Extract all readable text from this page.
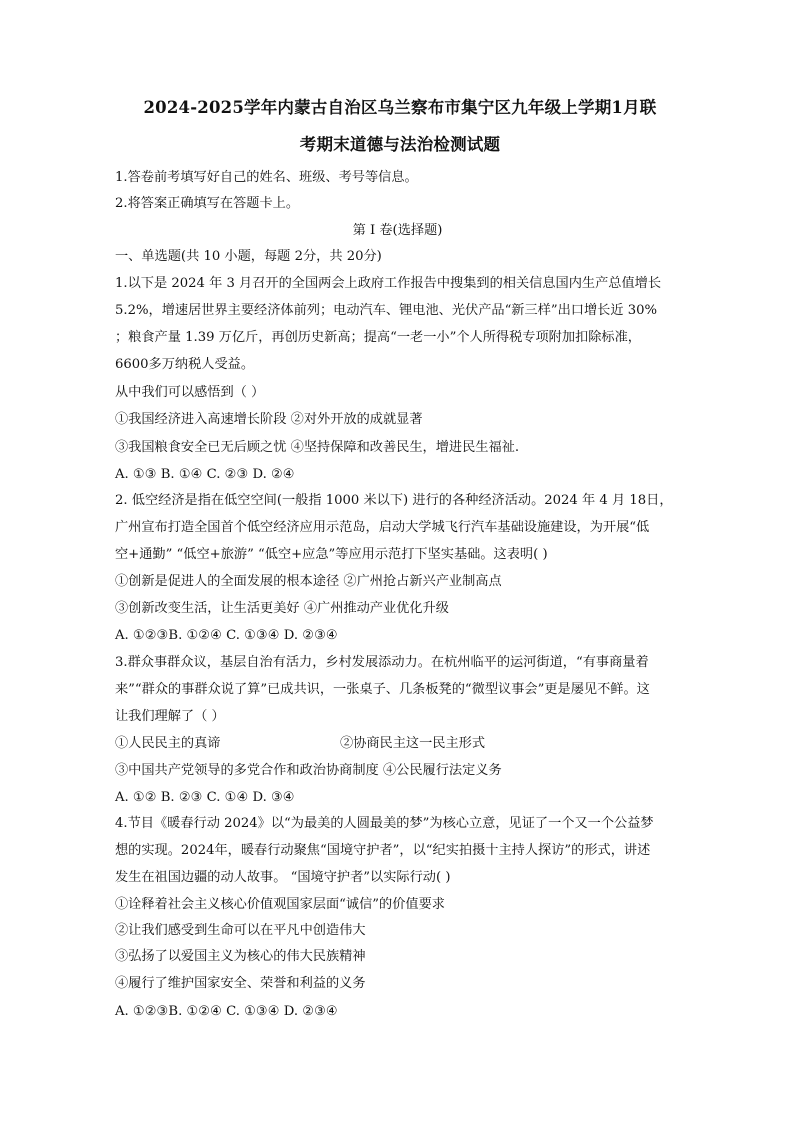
2024-2025学年内蒙古自治区乌兰察布市集宁区九年级上学期1月联
考期末道德与法治检测试题
1.答卷前考填写好自己的姓名、班级、考号等信息。
2.将答案正确填写在答题卡上。
第 I 卷(选择题)
一、单选题(共 10 小题，每题 2分，共 20分)
1.以下是 2024 年 3 月召开的全国两会上政府工作报告中搜集到的相关信息国内生产总值增长
5.2%，增速居世界主要经济体前列；电动汽车、锂电池、光伏产品“新三样”出口增长近 30%
；粮食产量 1.39 万亿斤，再创历史新高；提高“一老一小”个人所得税专项附加扣除标准，
6600多万纳税人受益。
从中我们可以感悟到（ ）
①我国经济进入高速增长阶段 ②对外开放的成就显著
③我国粮食安全已无后顾之忧 ④坚持保障和改善民生，增进民生福祉.
A. ①③ B. ①④ C. ②③ D. ②④
2. 低空经济是指在低空空间(一般指 1000 米以下) 进行的各种经济活动。2024 年 4 月 18日，
广州宣布打造全国首个低空经济应用示范岛，启动大学城飞行汽车基础设施建设，为开展“低
空+通勤” “低空+旅游” “低空+应急”等应用示范打下坚实基础。这表明( )
①创新是促进人的全面发展的根本途径 ②广州抢占新兴产业制高点
③创新改变生活，让生活更美好 ④广州推动产业优化升级
A. ①②③B. ①②④ C. ①③④ D. ②③④
3.群众事群众议，基层自治有活力，乡村发展添动力。在杭州临平的运河街道，“有事商量着
来”“群众的事群众说了算”已成共识，一张桌子、几条板凳的“微型议事会”更是屡见不鲜。这
让我们理解了（ ）
①人民民主的真谛	②协商民主这一民主形式
③中国共产党领导的多党合作和政治协商制度 ④公民履行法定义务
A. ①② B. ②③ C. ①④ D. ③④
4.节目《暖春行动 2024》以“为最美的人圆最美的梦”为核心立意，见证了一个又一个公益梦
想的实现。2024年，暖春行动聚焦“国境守护者”，以“纪实拍摄十主持人探访”的形式，讲述
发生在祖国边疆的动人故事。 “国境守护者”以实际行动( )
①诠释着社会主义核心价值观国家层面“诚信”的价值要求
②让我们感受到生命可以在平凡中创造伟大
③弘扬了以爱国主义为核心的伟大民族精神
④履行了维护国家安全、荣誉和利益的义务
A. ①②③B. ①②④ C. ①③④ D. ②③④
